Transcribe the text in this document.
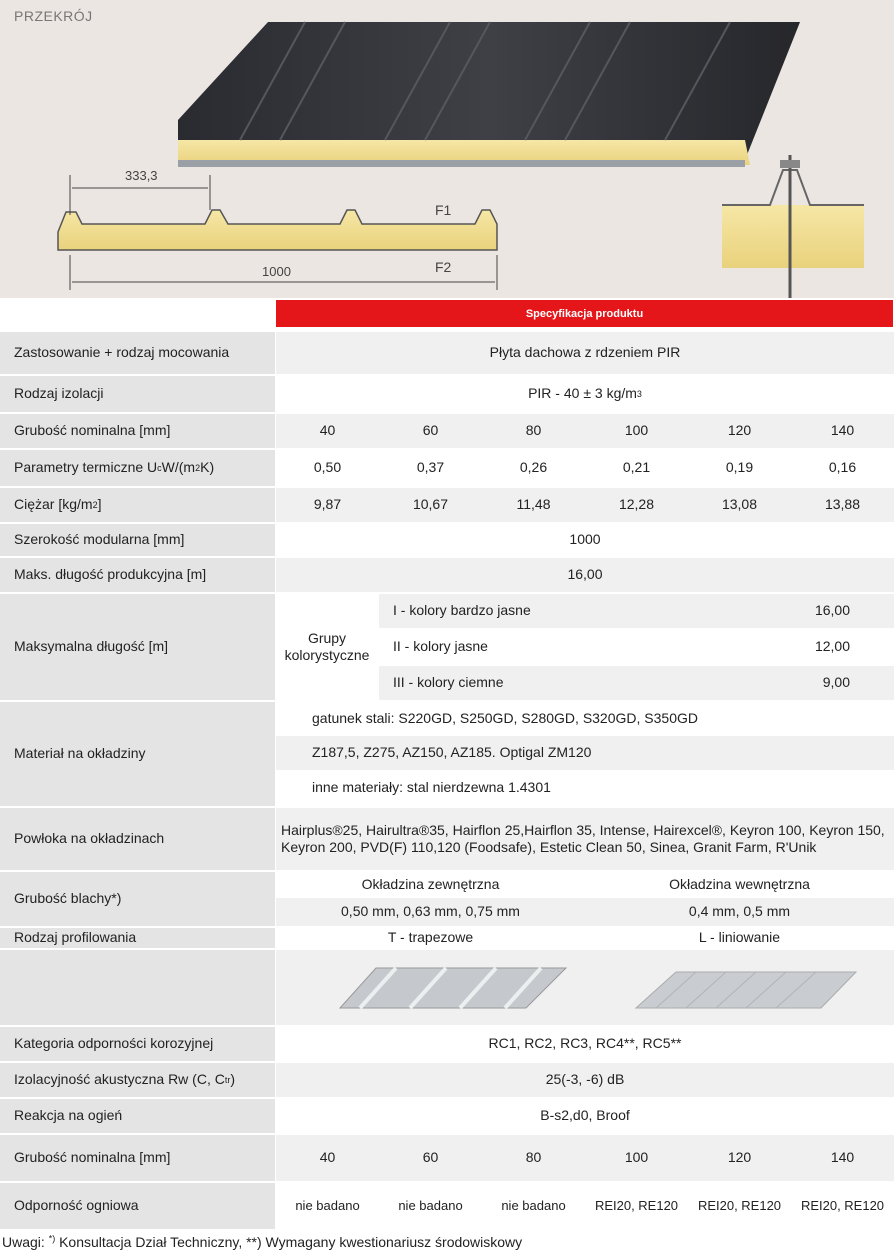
333,3
1000
F1
F2
PRZEKRÓJ
Specyfikacja produktu
Zastosowanie + rodzaj mocowania	Płyta dachowa z rdzeniem PIR
Rodzaj izolacji	PIR - 40 ± 3 kg/m 3
Grubość nominalna [mm]	40	60	80	100	120	140
Parametry termiczne U c W/(m 2 K)	0,50	0,37	0,26	0,21	0,19	0,16
Ciężar [kg/m 2 ]	9,87	10,67	11,48	12,28	13,08	13,88
Szerokość modularna [mm]	1000
Maks. długość produkcyjna [m]	16,00
Maksymalna długość [m]
Grupy kolorystyczne
I - kolory bardzo jasne	16,00
II - kolory jasne	12,00
III - kolory ciemne	9,00
Materiał na okładziny
gatunek stali: S220GD, S250GD, S280GD, S320GD, S350GD
Z187,5, Z275, AZ150, AZ185. Optigal ZM120
inne materiały: stal nierdzewna 1.4301
Powłoka na okładzinach
Hairplus®25, Hairultra®35, Hairflon 25,Hairflon 35, Intense, Hairexcel®, Keyron 100, Keyron 150, Keyron 200, PVD(F) 110,120 (Foodsafe), Estetic Clean 50, Sinea, Granit Farm, R'Unik
Grubość blachy*)
Okładzina zewnętrzna	Okładzina wewnętrzna
0,50 mm, 0,63 mm, 0,75 mm	0,4 mm, 0,5 mm
Rodzaj profilowania	T - trapezowe	L - liniowanie
Kategoria odporności korozyjnej	RC1, RC2, RC3, RC4**, RC5**
Izolacyjność akustyczna Rw (C, C tr )	25(-3, -6) dB
Reakcja na ogień	B-s2,d0, Broof
Grubość nominalna [mm]	40	60	80	100	120	140
Odporność ogniowa	nie badano	nie badano	nie badano	REI20, RE120	REI20, RE120	REI20, RE120
Uwagi: *) Konsultacja Dział Techniczny, **) Wymagany kwestionariusz środowiskowy
